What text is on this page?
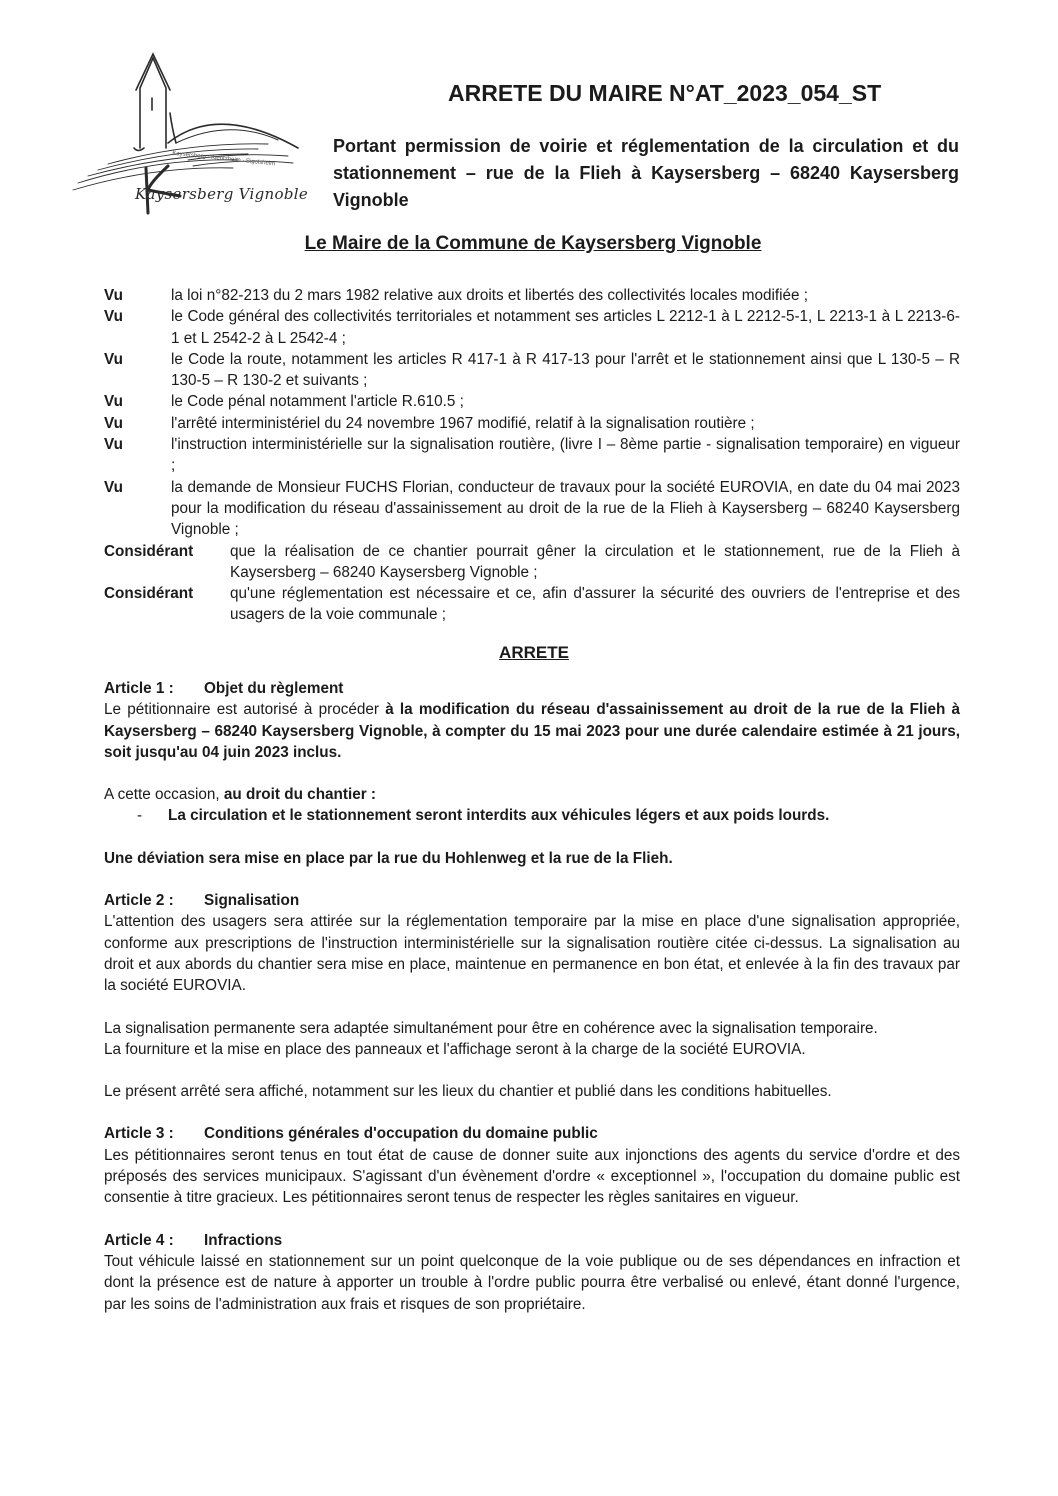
Kaysersberg Vignoble
Kaysersberg · Kientzheim · Sigolsheim
ARRETE DU MAIRE N°AT_2023_054_ST
Portant permission de voirie et réglementation de la circulation et du stationnement – rue de la Flieh à Kaysersberg – 68240 Kaysersberg Vignoble
Le Maire de la Commune de Kaysersberg Vignoble
Vu	la loi n°82-213 du 2 mars 1982 relative aux droits et libertés des collectivités locales modifiée ;
Vu	le Code général des collectivités territoriales et notamment ses articles L 2212-1 à L 2212-5-1, L 2213-1 à L 2213-6-1 et L 2542-2 à L 2542-4 ;
Vu	le Code la route, notamment les articles R 417-1 à R 417-13 pour l'arrêt et le stationnement ainsi que L 130-5 – R 130-5 – R 130-2 et suivants ;
Vu	le Code pénal notamment l'article R.610.5 ;
Vu	l'arrêté interministériel du 24 novembre 1967 modifié, relatif à la signalisation routière ;
Vu	l'instruction interministérielle sur la signalisation routière, (livre I – 8ème partie - signalisation temporaire) en vigueur ;
Vu	la demande de Monsieur FUCHS Florian, conducteur de travaux pour la société EUROVIA, en date du 04 mai 2023 pour la modification du réseau d'assainissement au droit de la rue de la Flieh à Kaysersberg – 68240 Kaysersberg Vignoble ;
Considérant	que la réalisation de ce chantier pourrait gêner la circulation et le stationnement, rue de la Flieh à Kaysersberg – 68240 Kaysersberg Vignoble ;
Considérant	qu'une réglementation est nécessaire et ce, afin d'assurer la sécurité des ouvriers de l'entreprise et des usagers de la voie communale ;
ARRETE
Article 1 :	Objet du règlement

Le pétitionnaire est autorisé à procéder à la modification du réseau d'assainissement au droit de la rue de la Flieh à Kaysersberg – 68240 Kaysersberg Vignoble, à compter du 15 mai 2023 pour une durée calendaire estimée à 21 jours, soit jusqu'au 04 juin 2023 inclus.

A cette occasion, au droit du chantier :

-	La circulation et le stationnement seront interdits aux véhicules légers et aux poids lourds.

Une déviation sera mise en place par la rue du Hohlenweg et la rue de la Flieh.

Article 2 :	Signalisation

L'attention des usagers sera attirée sur la réglementation temporaire par la mise en place d'une signalisation appropriée, conforme aux prescriptions de l'instruction interministérielle sur la signalisation routière citée ci-dessus. La signalisation au droit et aux abords du chantier sera mise en place, maintenue en permanence en bon état, et enlevée à la fin des travaux par la société EUROVIA.

La signalisation permanente sera adaptée simultanément pour être en cohérence avec la signalisation temporaire.

La fourniture et la mise en place des panneaux et l'affichage seront à la charge de la société EUROVIA.

Le présent arrêté sera affiché, notamment sur les lieux du chantier et publié dans les conditions habituelles.

Article 3 :	Conditions générales d'occupation du domaine public

Les pétitionnaires seront tenus en tout état de cause de donner suite aux injonctions des agents du service d'ordre et des préposés des services municipaux. S'agissant d'un évènement d'ordre « exceptionnel », l'occupation du domaine public est consentie à titre gracieux. Les pétitionnaires seront tenus de respecter les règles sanitaires en vigueur.

Article 4 :	Infractions

Tout véhicule laissé en stationnement sur un point quelconque de la voie publique ou de ses dépendances en infraction et dont la présence est de nature à apporter un trouble à l'ordre public pourra être verbalisé ou enlevé, étant donné l'urgence, par les soins de l'administration aux frais et risques de son propriétaire.
